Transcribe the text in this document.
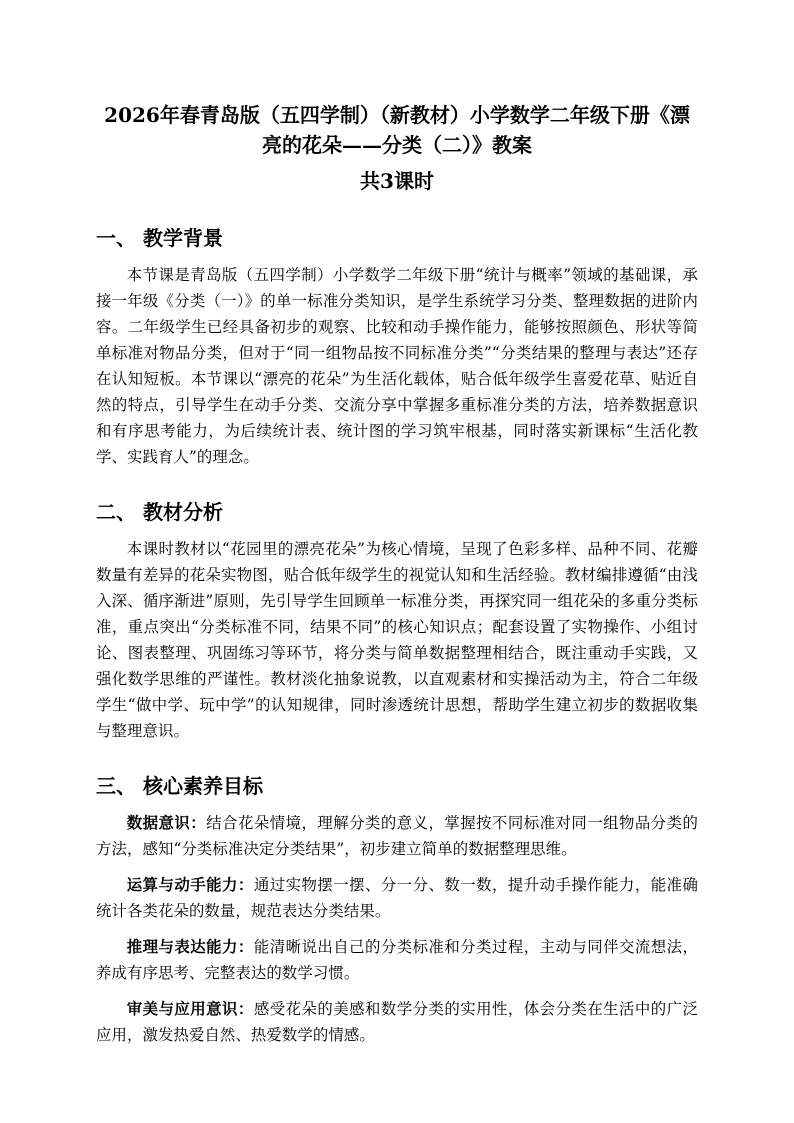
2026年春青岛版（五四学制）（新教材）小学数学二年级下册《漂亮的花朵——分类（二）》教案
共3课时
一、 教学背景

本节课是青岛版（五四学制）小学数学二年级下册“统计与概率”领域的基础课，承接一年级《分类（一）》的单一标准分类知识，是学生系统学习分类、整理数据的进阶内容。二年级学生已经具备初步的观察、比较和动手操作能力，能够按照颜色、形状等简单标准对物品分类，但对于“同一组物品按不同标准分类”“分类结果的整理与表达”还存在认知短板。本节课以“漂亮的花朵”为生活化载体，贴合低年级学生喜爱花草、贴近自然的特点，引导学生在动手分类、交流分享中掌握多重标准分类的方法，培养数据意识和有序思考能力，为后续统计表、统计图的学习筑牢根基，同时落实新课标“生活化教学、实践育人”的理念。

二、 教材分析

本课时教材以“花园里的漂亮花朵”为核心情境，呈现了色彩多样、品种不同、花瓣数量有差异的花朵实物图，贴合低年级学生的视觉认知和生活经验。教材编排遵循“由浅入深、循序渐进”原则，先引导学生回顾单一标准分类，再探究同一组花朵的多重分类标准，重点突出“分类标准不同，结果不同”的核心知识点；配套设置了实物操作、小组讨论、图表整理、巩固练习等环节，将分类与简单数据整理相结合，既注重动手实践，又强化数学思维的严谨性。教材淡化抽象说教，以直观素材和实操活动为主，符合二年级学生“做中学、玩中学”的认知规律，同时渗透统计思想，帮助学生建立初步的数据收集与整理意识。

三、 核心素养目标

数据意识：结合花朵情境，理解分类的意义，掌握按不同标准对同一组物品分类的方法，感知“分类标准决定分类结果”，初步建立简单的数据整理思维。

运算与动手能力：通过实物摆一摆、分一分、数一数，提升动手操作能力，能准确统计各类花朵的数量，规范表达分类结果。

推理与表达能力：能清晰说出自己的分类标准和分类过程，主动与同伴交流想法，养成有序思考、完整表达的数学习惯。

审美与应用意识：感受花朵的美感和数学分类的实用性，体会分类在生活中的广泛应用，激发热爱自然、热爱数学的情感。
